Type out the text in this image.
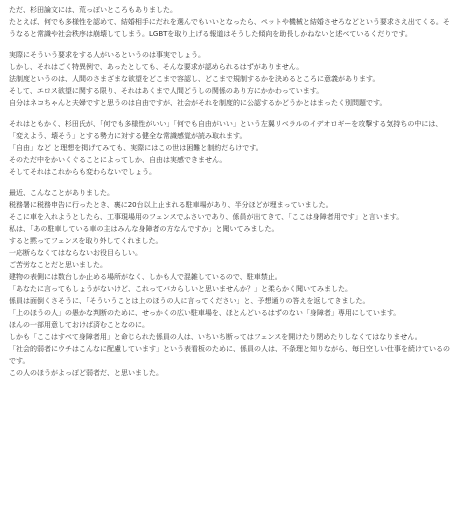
ただ、杉田論文には、荒っぽいところもありました。
たとえば、何でも多様性を認めて、結婚相手にだれを選んでもいいとなったら、ペットや機械と結婚させろなどという要求さえ出てくる。そうなると常識や社会秩序は崩壊してしまう。LGBTを取り上げる報道はそうした傾向を助長しかねないと述べているくだりです。
実際にそういう要求をする人がいるというのは事実でしょう。
しかし、それはごく特異例で、あったとしても、そんな要求が認められるはずがありません。
法制度というのは、人間のさまざまな欲望をどこまで容認し、どこまで規制するかを決めるところに意義があります。
そして、エロス欲望に関する限り、それはあくまで人間どうしの関係のあり方にかかわっています。
自分はネコちゃんと夫婦ですと思うのは自由ですが、社会がそれを制度的に公認するかどうかとはまったく別問題です。
それはともかく、杉田氏が、「何でも多様性がいい」「何でも自由がいい」という左翼リベラルのイデオロギーを攻撃する気持ちの中には、「変えよう、壊そう」とする勢力に対する健全な常識感覚が読み取れます。
「自由」など と理想を掲げてみても、実際にはこの世は困難と制約だらけです。
そのただ中をかいくぐることによってしか、自由は実感できません。
そしてそれはこれからも変わらないでしょう。
最近、こんなことがありました。
税務署に税務申告に行ったとき、裏に20台以上止まれる駐車場があり、半分ほどが埋まっていました。
そこに車を入れようとしたら、工事現場用のフェンスでふさいであり、係員が出てきて、「ここは身障者用です」と言います。
私は、「あの駐車している車の主はみんな身障者の方なんですか」と聞いてみました。
すると黙ってフェンスを取り外してくれました。
一応断らなくてはならないお役目らしい。
ご苦労なことだと思いました。
建物の表側には数台しか止める場所がなく、しかも人で混雑しているので、駐車禁止。
「あなたに言ってもしょうがないけど、これってバカらしいと思いませんか？」と柔らかく聞いてみました。
係員は面倒くさそうに、「そういうことは上のほうの人に言ってください」と、予想通りの答えを返してきました。
「上のほうの人」の愚かな判断のために、せっかくの広い駐車場を、ほとんどいるはずのない「身障者」専用にしています。
ほんの一部用意しておけば済むことなのに。
しかも「ここはすべて身障者用」と命じられた係員の人は、いちいち断ってはフェンスを開けたり閉めたりしなくてはなりません。
「社会的弱者にウチはこんなに配慮しています」という表看板のために、係員の人は、不条理と知りながら、毎日空しい仕事を続けているのです。
この人のほうがよっぽど弱者だ、と思いました。
